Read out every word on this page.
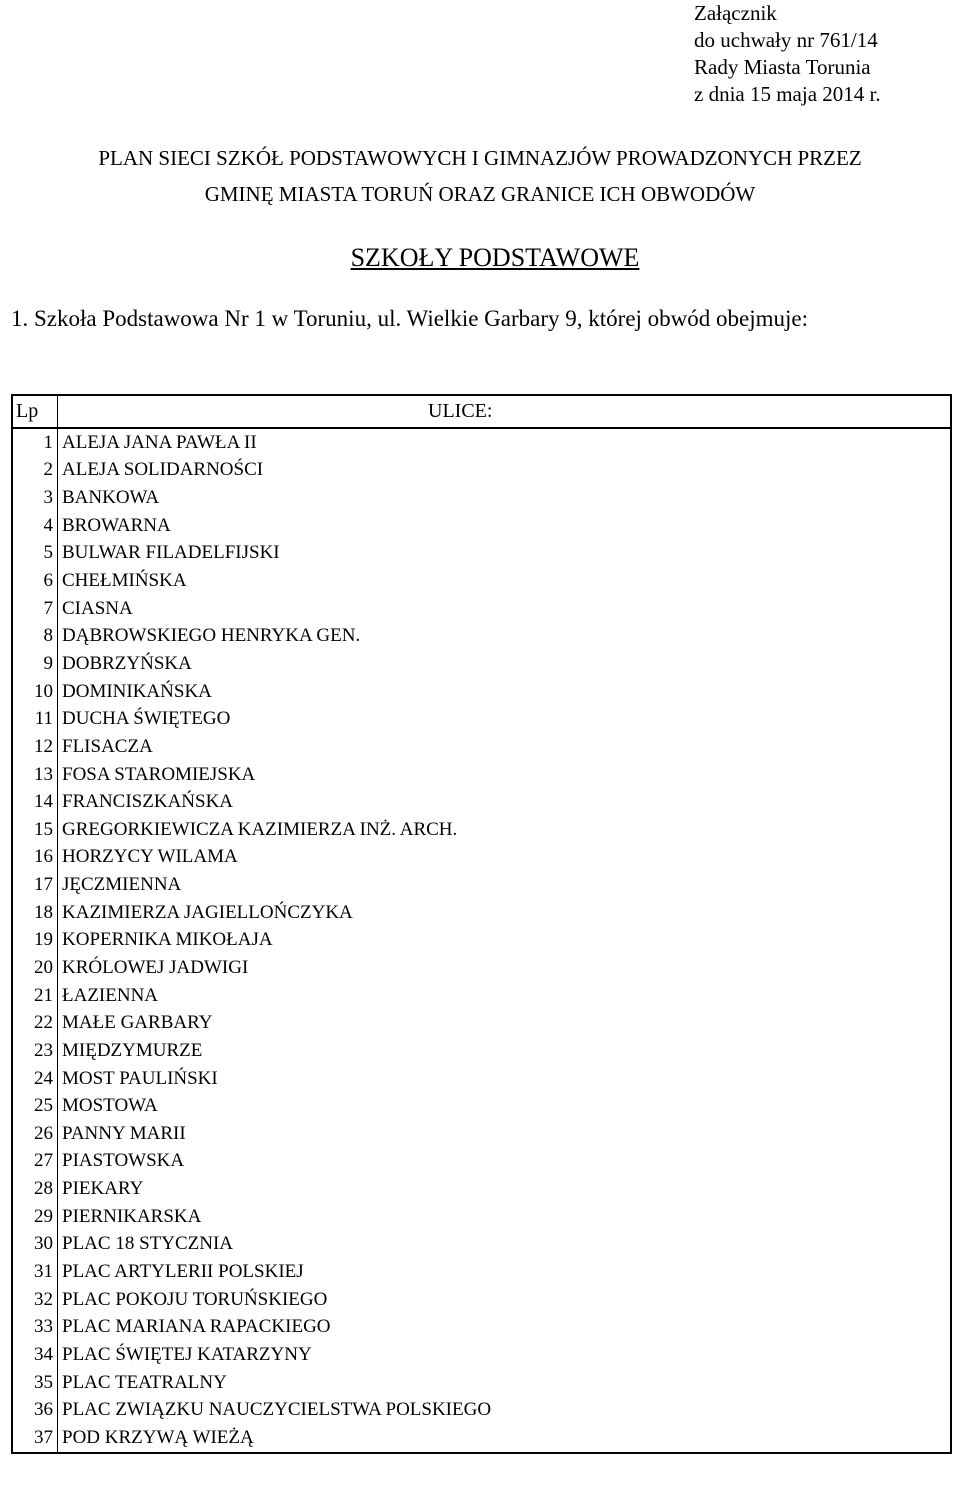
Załącznik
do uchwały nr 761/14
Rady Miasta Torunia
z dnia 15 maja 2014 r.
PLAN SIECI SZKÓŁ PODSTAWOWYCH I GIMNAZJÓW PROWADZONYCH PRZEZ
GMINĘ MIASTA TORUŃ ORAZ GRANICE ICH OBWODÓW
SZKOŁY PODSTAWOWE
1. Szkoła Podstawowa Nr 1 w Toruniu, ul. Wielkie Garbary 9, której obwód obejmuje:
Lp	ULICE:
1	ALEJA JANA PAWŁA II
2	ALEJA SOLIDARNOŚCI
3	BANKOWA
4	BROWARNA
5	BULWAR FILADELFIJSKI
6	CHEŁMIŃSKA
7	CIASNA
8	DĄBROWSKIEGO HENRYKA GEN.
9	DOBRZYŃSKA
10	DOMINIKAŃSKA
11	DUCHA ŚWIĘTEGO
12	FLISACZA
13	FOSA STAROMIEJSKA
14	FRANCISZKAŃSKA
15	GREGORKIEWICZA KAZIMIERZA INŻ. ARCH.
16	HORZYCY WILAMA
17	JĘCZMIENNA
18	KAZIMIERZA JAGIELLOŃCZYKA
19	KOPERNIKA MIKOŁAJA
20	KRÓLOWEJ JADWIGI
21	ŁAZIENNA
22	MAŁE GARBARY
23	MIĘDZYMURZE
24	MOST PAULIŃSKI
25	MOSTOWA
26	PANNY MARII
27	PIASTOWSKA
28	PIEKARY
29	PIERNIKARSKA
30	PLAC 18 STYCZNIA
31	PLAC ARTYLERII POLSKIEJ
32	PLAC POKOJU TORUŃSKIEGO
33	PLAC MARIANA RAPACKIEGO
34	PLAC ŚWIĘTEJ KATARZYNY
35	PLAC TEATRALNY
36	PLAC ZWIĄZKU NAUCZYCIELSTWA POLSKIEGO
37	POD KRZYWĄ WIEŻĄ
